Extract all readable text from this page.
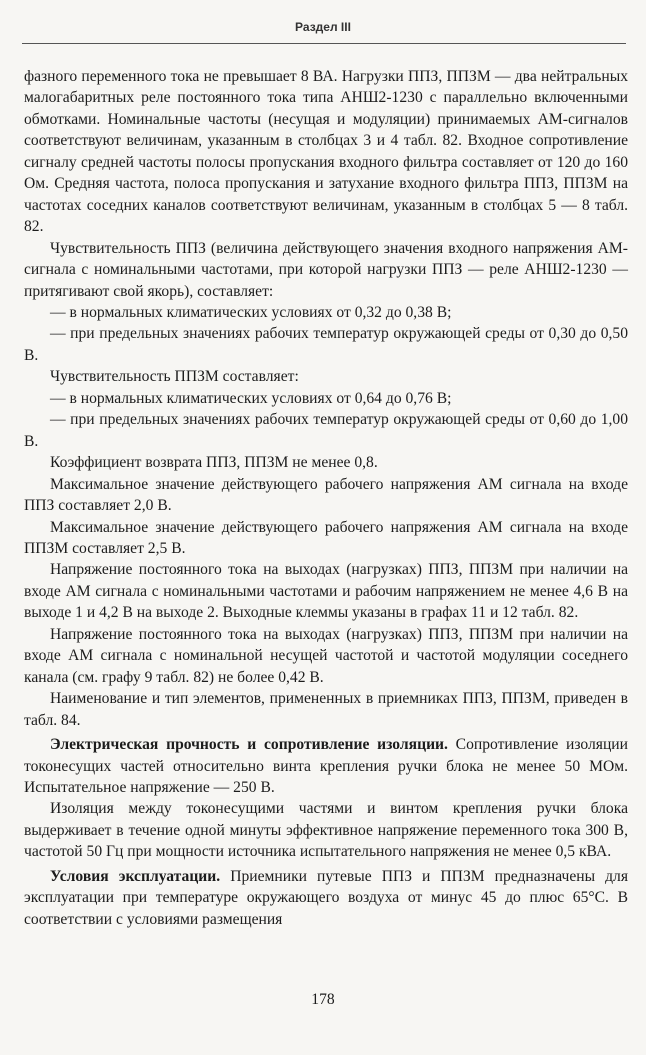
Раздел III

фазного переменного тока не превышает 8 ВА. Нагрузки ППЗ, ППЗМ — два нейтральных малогабаритных реле постоянного тока типа АНШ2-1230 с параллельно включенными обмотками. Номинальные частоты (несущая и модуляции) принимаемых АМ-сигналов соответствуют величинам, указанным в столбцах 3 и 4 табл. 82. Входное сопротивление сигналу средней частоты полосы пропускания входного фильтра составляет от 120 до 160 Ом. Средняя частота, полоса пропускания и затухание входного фильтра ППЗ, ППЗМ на частотах соседних каналов соответствуют величинам, указанным в столбцах 5 — 8 табл. 82.

Чувствительность ППЗ (величина действующего значения входного напряжения АМ-сигнала с номинальными частотами, при которой нагрузки ППЗ — реле АНШ2-1230 — притягивают свой якорь), составляет:

— в нормальных климатических условиях от 0,32 до 0,38 В;

— при предельных значениях рабочих температур окружающей среды от 0,30 до 0,50 В.

Чувствительность ППЗМ составляет:

— в нормальных климатических условиях от 0,64 до 0,76 В;

— при предельных значениях рабочих температур окружающей среды от 0,60 до 1,00 В.

Коэффициент возврата ППЗ, ППЗМ не менее 0,8.

Максимальное значение действующего рабочего напряжения АМ сигнала на входе ППЗ составляет 2,0 В.

Максимальное значение действующего рабочего напряжения АМ сигнала на входе ППЗМ составляет 2,5 В.

Напряжение постоянного тока на выходах (нагрузках) ППЗ, ППЗМ при наличии на входе АМ сигнала с номинальными частотами и рабочим напряжением не менее 4,6 В на выходе 1 и 4,2 В на выходе 2. Выходные клеммы указаны в графах 11 и 12 табл. 82.

Напряжение постоянного тока на выходах (нагрузках) ППЗ, ППЗМ при наличии на входе АМ сигнала с номинальной несущей частотой и частотой модуляции соседнего канала (см. графу 9 табл. 82) не более 0,42 В.

Наименование и тип элементов, примененных в приемниках ППЗ, ППЗМ, приведен в табл. 84.

Электрическая прочность и сопротивление изоляции. Сопротивление изоляции токонесущих частей относительно винта крепления ручки блока не менее 50 МОм. Испытательное напряжение — 250 В.

Изоляция между токонесущими частями и винтом крепления ручки блока выдерживает в течение одной минуты эффективное напряжение переменного тока 300 В, частотой 50 Гц при мощности источника испытательного напряжения не менее 0,5 кВА.

Условия эксплуатации. Приемники путевые ППЗ и ППЗМ предназначены для эксплуатации при температуре окружающего воздуха от минус 45 до плюс 65°С. В соответствии с условиями размещения

178
